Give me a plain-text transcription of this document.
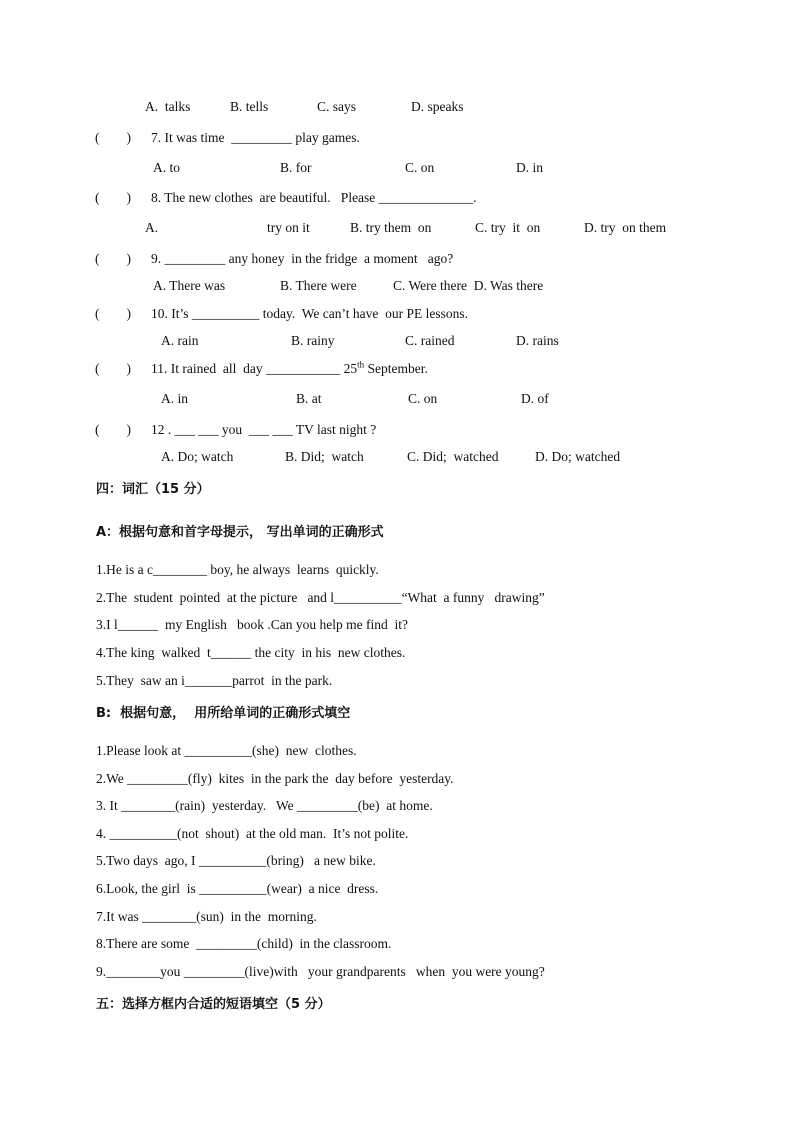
A.  talks	B. tells	C. says	D. speaks
(        ) 7. It was time  _________ play games.
A. to	B. for	C. on	D. in
(        ) 8. The new clothes  are beautiful.   Please ______________.
A.	try on it	B. try them  on	C. try  it  on	D. try  on them
(        ) 9. _________ any honey  in the fridge  a moment   ago?
A. There was	B. There were	C. Were there  D. Was there
(        ) 10. It’s __________ today.  We can’t have  our PE lessons.
A. rain	B. rainy	C. rained	D. rains
(        ) 11. It rained  all  day ___________ 25th September.
A. in	B. at	C. on	D. of
(        ) 12 . ___ ___ you  ___ ___ TV last night ?
A. Do; watch	B. Did;  watch	C. Did;  watched	D. Do; watched
四：词汇（15 分）
A：根据句意和首字母提示， 写出单词的正确形式
1.He is a c________ boy, he always  learns  quickly.
2.The  student  pointed  at the picture   and l__________“What  a funny   drawing”
3.I l______  my English   book .Can you help me find  it?
4.The king  walked  t______ the city  in his  new clothes.
5.They  saw an i_______parrot  in the park.
B:  根据句意，  用所给单词的正确形式填空
1.Please look at __________(she)  new  clothes.
2.We _________(fly)  kites  in the park the  day before  yesterday.
3. It ________(rain)  yesterday.   We _________(be)  at home.
4. __________(not  shout)  at the old man.  It’s not polite.
5.Two days  ago, I __________(bring)   a new bike.
6.Look, the girl  is __________(wear)  a nice  dress.
7.It was ________(sun)  in the  morning.
8.There are some  _________(child)  in the classroom.
9.________you _________(live)with   your grandparents   when  you were young?
五：选择方框内合适的短语填空（5 分）
